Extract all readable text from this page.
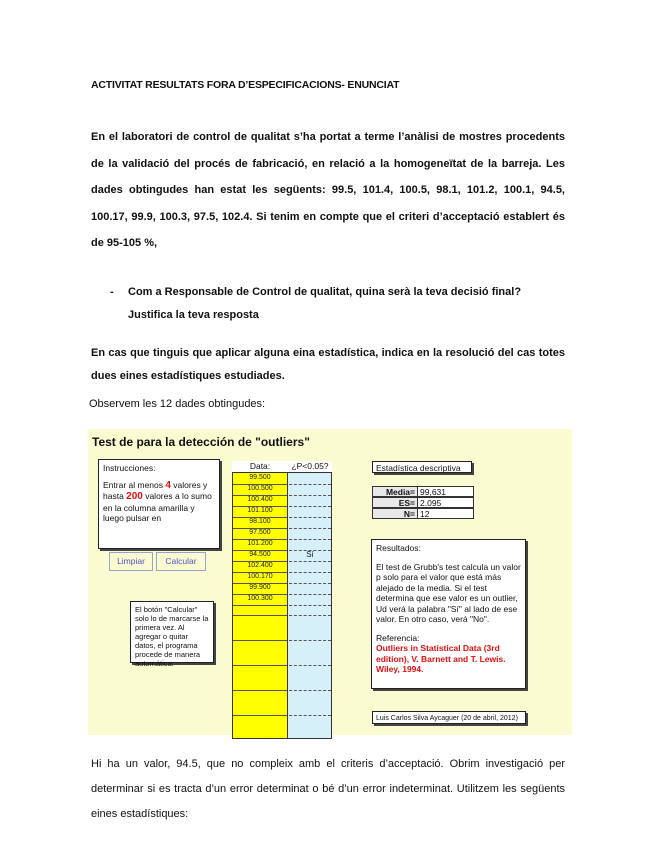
ACTIVITAT RESULTATS FORA D’ESPECIFICACIONS- ENUNCIAT
En el laboratori de control de qualitat s’ha portat a terme l’anàlisi de mostres procedents de la validació del procés de fabricació, en relació a la homogeneïtat de la barreja. Les dades obtingudes han estat les següents: 99.5, 101.4, 100.5, 98.1, 101.2, 100.1, 94.5, 100.17, 99.9, 100.3, 97.5, 102.4. Si tenim en compte que el criteri d’acceptació establert és de 95-105 %,
- Com a Responsable de Control de qualitat, quina serà la teva decisió final?
Justifica la teva resposta
En cas que tinguis que aplicar alguna eina estadística, indica en la resolució del cas totes dues eines estadístiques estudiades.
Observem les 12 dades obtingudes:
Test de para la detección de "outliers"
Instrucciones:
Entrar al menos 4 valores y hasta 200 valores a lo sumo en la columna amarilla y luego pulsar en
Limpiar	Calcular
El botón "Calcular" solo lo de marcarse la primera vez. Al agregar o quitar datos, el programa procede de manera automática.
Data:	¿P<0.05?
99.500
100.500
100.400
101.100
98.100
97.500
101.200
94.500
102.400
100.170
99.900
100.300
Sí
Estadística descriptiva
Media= 99,631
ES= 2.095
N= 12
Resultados:
El test de Grubb's test calcula un valor p solo para el valor que está más alejado de la media. Si el test determina que ese valor es un outlier, Ud verá la palabra "Sí" al lado de ese valor. En otro caso, verá "No".
Referencia:
Outliers in Statistical Data (3rd edition), V. Barnett and T. Lewis. Wiley, 1994.
Luis Carlos Silva Aycaguer (20 de abril, 2012)
Hi ha un valor, 94.5, que no compleix amb el criteris d’acceptació. Obrim investigació per determinar si es tracta d’un error determinat o bé d’un error indeterminat. Utilitzem les següents eines estadístiques:
